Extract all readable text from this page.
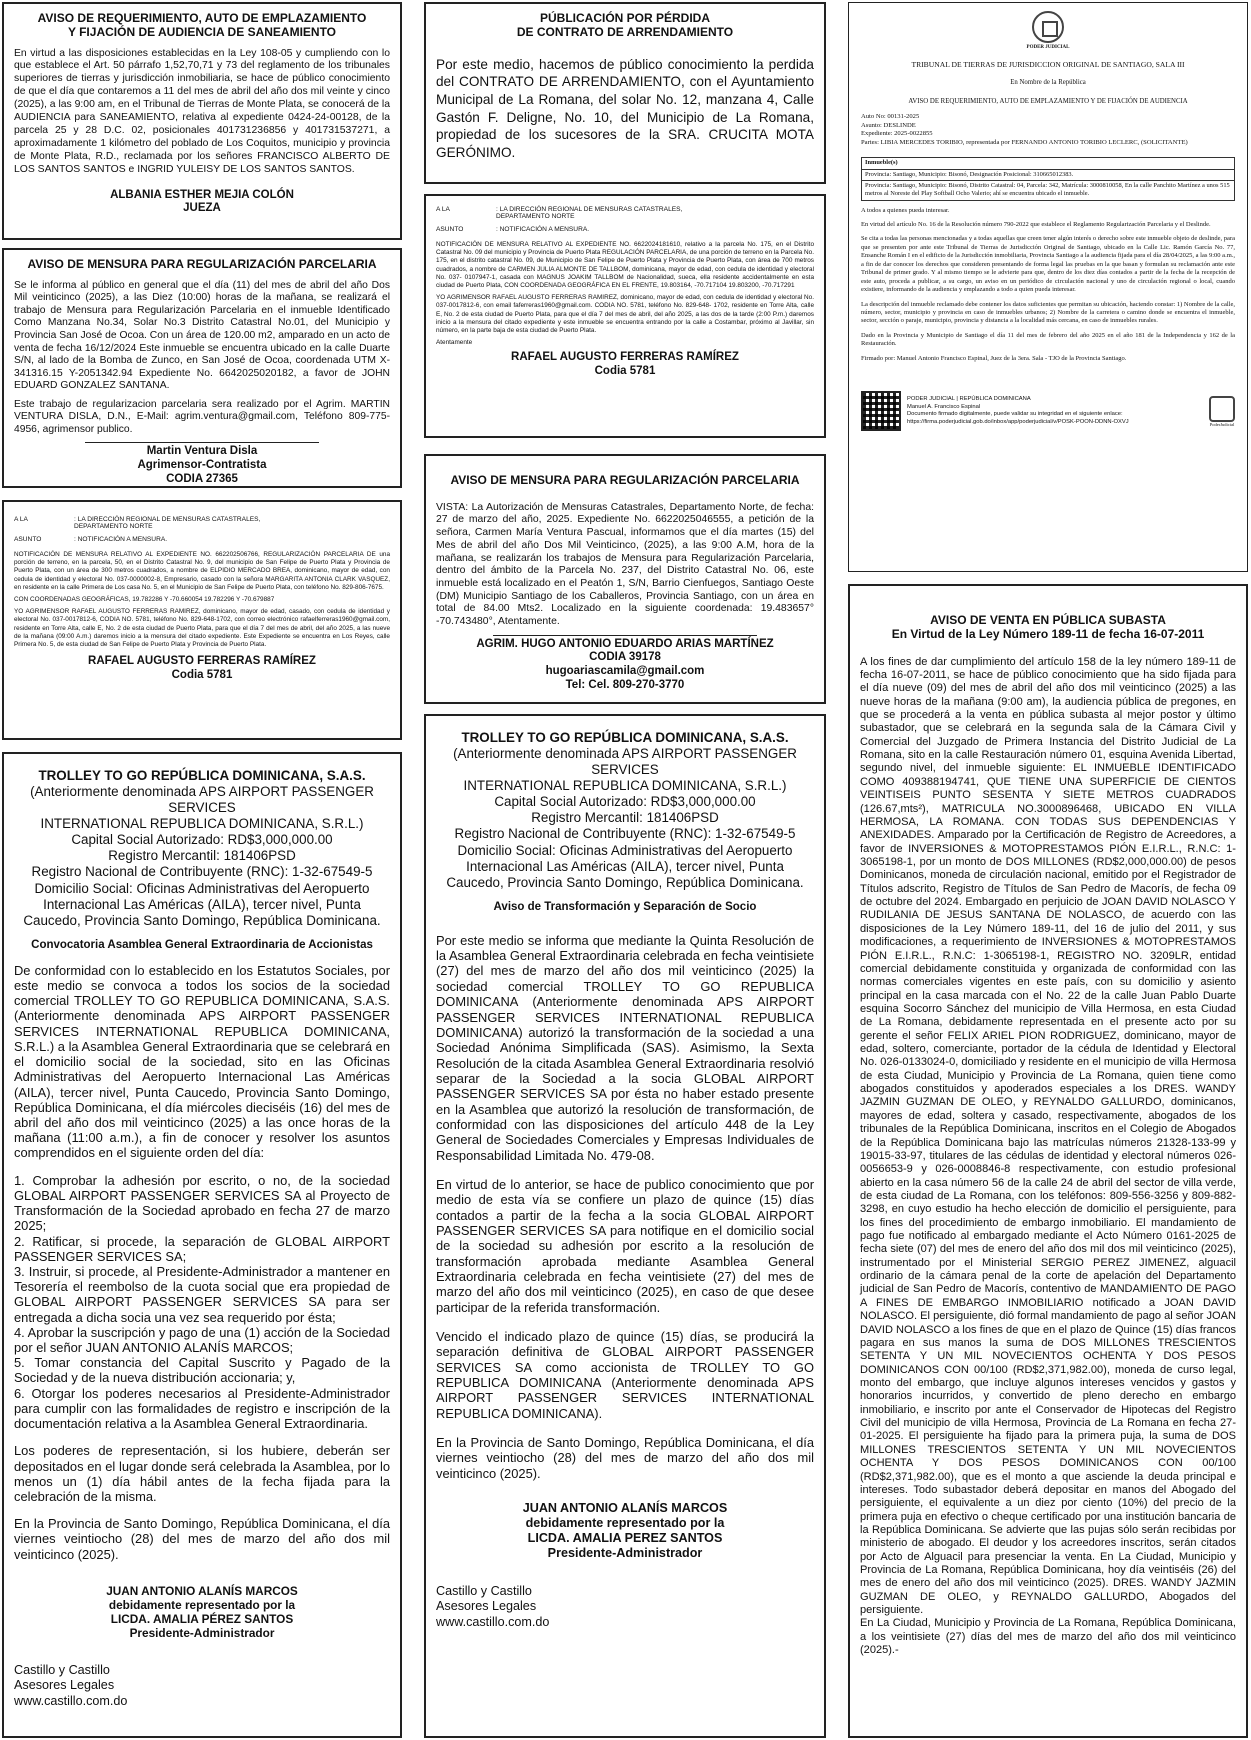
AVISO DE REQUERIMIENTO, AUTO DE EMPLAZAMIENTO Y FIJACIÓN DE AUDIENCIA DE SANEAMIENTO
En virtud a las disposiciones establecidas en la Ley 108-05 y cumpliendo con lo que establece el Art. 50 párrafo 1,52,70,71 y 73 del reglamento de los tribunales superiores de tierras y jurisdicción inmobiliaria, se hace de público conocimiento de que el día que contaremos a 11 del mes de abril del año dos mil veinte y cinco (2025), a las 9:00 am, en el Tribunal de Tierras de Monte Plata, se conocerá de la AUDIENCIA para SANEAMIENTO, relativa al expediente 0424-24-00128, de la parcela 25 y 28 D.C. 02, posicionales 401731236856 y 401731537271, a aproximadamente 1 kilómetro del poblado de Los Coquitos, municipio y provincia de Monte Plata, R.D., reclamada por los señores FRANCISCO ALBERTO DE LOS SANTOS SANTOS e INGRID YULEISY DE LOS SANTOS SANTOS.
ALBANIA ESTHER MEJIA COLÓN
JUEZA
AVISO DE MENSURA PARA REGULARIZACIÓN PARCELARIA

Se le informa al público en general que el día (11) del mes de abril del año Dos Mil veinticinco (2025), a las Diez (10:00) horas de la mañana, se realizará el trabajo de Mensura para Regularización Parcelaria en el inmueble Identificado Como Manzana No.34, Solar No.3 Distrito Catastral No.01, del Municipio y Provincia San José de Ocoa. Con un área de 120.00 m2, amparado en un acto de venta de fecha 16/12/2024 Este inmueble se encuentra ubicado en la calle Duarte S/N, al lado de la Bomba de Zunco, en San José de Ocoa, coordenada UTM X-341316.15 Y-2051342.94 Expediente No. 6642025020182, a favor de JOHN EDUARD GONZALEZ SANTANA.

Este trabajo de regularizacion parcelaria sera realizado por el Agrim. MARTIN VENTURA DISLA, D.N., E-Mail: agrim.ventura@gmail.com, Teléfono 809-775-4956, agrimensor publico.

Martin Ventura Disla
Agrimensor-Contratista
CODIA 27365
A LA	: LA DIRECCIÓN REGIONAL DE MENSURAS CATASTRALES, DEPARTAMENTO NORTE
ASUNTO	: NOTIFICACIÓN A MENSURA.

NOTIFICACIÓN DE MENSURA RELATIVO AL EXPEDIENTE NO. 662202506766, REGULARIZACIÓN PARCELARIA DE una porción de terreno, en la parcela, 50, en el Distrito Catastral No. 9, del municipio de San Felipe de Puerto Plata y Provincia de Puerto Plata, con un área de 300 metros cuadrados, a nombre de ELPIDIO MERCADO BREA, dominicano, mayor de edad, con cedula de identidad y electoral No. 037-0000002-8, Empresario, casado con la señora MARGARITA ANTONIA CLARK VASQUEZ, en residente en la calle Primera de Los casa No. 5, en el Municipio de San Felipe de Puerto Plata, con teléfono No. 829-806-7675.

CON COORDENADAS GEOGRÁFICAS, 19.782286 Y -70.660054 19.782296 Y -70.679887

YO AGRIMENSOR RAFAEL AUGUSTO FERRERAS RAMIREZ, dominicano, mayor de edad, casado, con cedula de identidad y electoral No. 037-0017812-6, CODIA NO. 5781, teléfono No. 829-648-1702, con correo electrónico rafaelferreras1960@gmail.com, residente en Torre Alta, calle E, No. 2 de esta ciudad de Puerto Plata, para que el día 7 del mes de abril, del año 2025, a las nueve de la mañana (09:00 A.m.) daremos inicio a la mensura del citado expediente. Este Expediente se encuentra en Los Reyes, calle Primera No. 5, de esta ciudad de San Felipe de Puerto Plata y Provincia de Puerto Plata.

RAFAEL AUGUSTO FERRERAS RAMÍREZ
Codia 5781
TROLLEY TO GO REPÚBLICA DOMINICANA, S.A.S.
(Anteriormente denominada APS AIRPORT PASSENGER SERVICES
INTERNATIONAL REPUBLICA DOMINICANA, S.R.L.)
Capital Social Autorizado: RD$3,000,000.00
Registro Mercantil: 181406PSD
Registro Nacional de Contribuyente (RNC): 1-32-67549-5
Domicilio Social: Oficinas Administrativas del Aeropuerto Internacional Las Américas (AILA), tercer nivel, Punta Caucedo, Provincia Santo Domingo, República Dominicana.
Convocatoria Asamblea General Extraordinaria de Accionistas

De conformidad con lo establecido en los Estatutos Sociales, por este medio se convoca a todos los socios de la sociedad comercial TROLLEY TO GO REPUBLICA DOMINICANA, S.A.S. (Anteriormente denominada APS AIRPORT PASSENGER SERVICES INTERNATIONAL REPUBLICA DOMINICANA, S.R.L.) a la Asamblea General Extraordinaria que se celebrará en el domicilio social de la sociedad, sito en las Oficinas Administrativas del Aeropuerto Internacional Las Américas (AILA), tercer nivel, Punta Caucedo, Provincia Santo Domingo, República Dominicana, el día miércoles dieciséis (16) del mes de abril del año dos mil veinticinco (2025) a las once horas de la mañana (11:00 a.m.), a fin de conocer y resolver los asuntos comprendidos en el siguiente orden del día:

1. Comprobar la adhesión por escrito, o no, de la sociedad GLOBAL AIRPORT PASSENGER SERVICES SA al Proyecto de Transformación de la Sociedad aprobado en fecha 27 de marzo 2025;
2. Ratificar, si procede, la separación de GLOBAL AIRPORT PASSENGER SERVICES SA;
3. Instruir, si procede, al Presidente-Administrador a mantener en Tesorería el reembolso de la cuota social que era propiedad de GLOBAL AIRPORT PASSENGER SERVICES SA para ser entregada a dicha socia una vez sea requerido por ésta;
4. Aprobar la suscripción y pago de una (1) acción de la Sociedad por el señor JUAN ANTONIO ALANÍS MARCOS;
5. Tomar constancia del Capital Suscrito y Pagado de la Sociedad y de la nueva distribución accionaria; y,
6. Otorgar los poderes necesarios al Presidente-Administrador para cumplir con las formalidades de registro e inscripción de la documentación relativa a la Asamblea General Extraordinaria.

Los poderes de representación, si los hubiere, deberán ser depositados en el lugar donde será celebrada la Asamblea, por lo menos un (1) día hábil antes de la fecha fijada para la celebración de la misma.

En la Provincia de Santo Domingo, República Dominicana, el día viernes veintiocho (28) del mes de marzo del año dos mil veinticinco (2025).

JUAN ANTONIO ALANÍS MARCOS
debidamente representado por la
LICDA. AMALIA PÉREZ SANTOS
Presidente-Administrador
Castillo y Castillo
Asesores Legales
www.castillo.com.do
PÚBLICACIÓN POR PÉRDIDA
DE CONTRATO DE ARRENDAMIENTO
Por este medio, hacemos de público conocimiento la perdida del CONTRATO DE ARRENDAMIENTO, con el Ayuntamiento Municipal de La Romana, del solar No. 12, manzana 4, Calle Gastón F. Deligne, No. 10, del Municipio de La Romana, propiedad de los sucesores de la SRA. CRUCITA MOTA GERÓNIMO.
A LA	: LA DIRECCIÓN REGIONAL DE MENSURAS CATASTRALES, DEPARTAMENTO NORTE
ASUNTO	: NOTIFICACIÓN A MENSURA.

NOTIFICACIÓN DE MENSURA RELATIVO AL EXPEDIENTE NO. 6622024181610, relativo a la parcela No. 175, en el Distrito Catastral No. 09 del municipio y Provincia de Puerto Plata REGULACIÓN PARCELARIA, de una porción de terreno en la Parcela No. 175, en el distrito catastral No. 09, de Municipio de San Felipe de Puerto Plata y Provincia de Puerto Plata, con área de 700 metros cuadrados, a nombre de CARMEN JULIA ALMONTE DE TALLBOM, dominicana, mayor de edad, con cedula de identidad y electoral No. 037- 0107947-1, casada con MAGNUS JOAKIM TALLBOM de Nacionalidad, sueca, ella residente accidentalmente en esta ciudad de Puerto Plata, CON COORDENADA GEOGRÁFICA EN EL FRENTE, 19.803164, -70.717104 19.803200, -70.717291

YO AGRIMENSOR RAFAEL AUGUSTO FERRERAS RAMIREZ, dominicano, mayor de edad, con cedula de identidad y electoral No. 037-0017812-6, con email faferreras1960@gmail.com. CODIA NO. 5781, teléfono No. 829-648- 1702, residente en Torre Alta, calle E, No. 2 de esta ciudad de Puerto Plata, para que el día 7 del mes de abril, del año 2025, a las dos de la tarde (2:00 P.m.) daremos inicio a la mensura del citado expediente y este inmueble se encuentra entrando por la calle a Costambar, próximo al Javillar, sin número, en la parte baja de esta ciudad de Puerto Plata.

Atentamente

RAFAEL AUGUSTO FERRERAS RAMÍREZ
Codia 5781
AVISO DE MENSURA PARA REGULARIZACIÓN PARCELARIA
VISTA: La Autorización de Mensuras Catastrales, Departamento Norte, de fecha: 27 de marzo del año, 2025. Expediente No. 6622025046555, a petición de la señora, Carmen María Ventura Pascual, informamos que el día martes (15) del Mes de abril del año Dos Mil Veinticinco, (2025), a las 9:00 A.M, hora de la mañana, se realizarán los trabajos de Mensura para Regularización Parcelaria, dentro del ámbito de la Parcela No. 237, del Distrito Catastral No. 06, este inmueble está localizado en el Peatón 1, S/N, Barrio Cienfuegos, Santiago Oeste (DM) Municipio Santiago de los Caballeros, Provincia Santiago, con un área en total de 84.00 Mts2. Localizado en la siguiente coordenada: 19.483657° -70.743480°, Atentamente.
AGRIM. HUGO ANTONIO EDUARDO ARIAS MARTÍNEZ
CODIA 39178
hugoariascamila@gmail.com
Tel: Cel. 809-270-3770
TROLLEY TO GO REPÚBLICA DOMINICANA, S.A.S.
(Anteriormente denominada APS AIRPORT PASSENGER SERVICES
INTERNATIONAL REPUBLICA DOMINICANA, S.R.L.)
Capital Social Autorizado: RD$3,000,000.00
Registro Mercantil: 181406PSD
Registro Nacional de Contribuyente (RNC): 1-32-67549-5
Domicilio Social: Oficinas Administrativas del Aeropuerto Internacional Las Américas (AILA), tercer nivel, Punta Caucedo, Provincia Santo Domingo, República Dominicana.
Aviso de Transformación y Separación de Socio

Por este medio se informa que mediante la Quinta Resolución de la Asamblea General Extraordinaria celebrada en fecha veintisiete (27) del mes de marzo del año dos mil veinticinco (2025) la sociedad comercial TROLLEY TO GO REPUBLICA DOMINICANA (Anteriormente denominada APS AIRPORT PASSENGER SERVICES INTERNATIONAL REPUBLICA DOMINICANA) autorizó la transformación de la sociedad a una Sociedad Anónima Simplificada (SAS). Asimismo, la Sexta Resolución de la citada Asamblea General Extraordinaria resolvió separar de la Sociedad a la socia GLOBAL AIRPORT PASSENGER SERVICES SA por ésta no haber estado presente en la Asamblea que autorizó la resolución de transformación, de conformidad con las disposiciones del artículo 448 de la Ley General de Sociedades Comerciales y Empresas Individuales de Responsabilidad Limitada No. 479-08.

En virtud de lo anterior, se hace de publico conocimiento que por medio de esta vía se confiere un plazo de quince (15) días contados a partir de la fecha a la socia GLOBAL AIRPORT PASSENGER SERVICES SA para notifique en el domicilio social de la sociedad su adhesión por escrito a la resolución de transformación aprobada mediante Asamblea General Extraordinaria celebrada en fecha veintisiete (27) del mes de marzo del año dos mil veinticinco (2025), en caso de que desee participar de la referida transformación.

Vencido el indicado plazo de quince (15) días, se producirá la separación definitiva de GLOBAL AIRPORT PASSENGER SERVICES SA como accionista de TROLLEY TO GO REPUBLICA DOMINICANA (Anteriormente denominada APS AIRPORT PASSENGER SERVICES INTERNATIONAL REPUBLICA DOMINICANA).

En la Provincia de Santo Domingo, República Dominicana, el día viernes veintiocho (28) del mes de marzo del año dos mil veinticinco (2025).

JUAN ANTONIO ALANÍS MARCOS
debidamente representado por la
LICDA. AMALIA PEREZ SANTOS
Presidente-Administrador
Castillo y Castillo
Asesores Legales
www.castillo.com.do
PODER JUDICIAL
TRIBUNAL DE TIERRAS DE JURISDICCION ORIGINAL DE SANTIAGO, SALA III
En Nombre de la República
AVISO DE REQUERIMIENTO, AUTO DE EMPLAZAMIENTO Y DE FIJACIÓN DE AUDIENCIA
Auto No: 00131-2025
Asunto: DESLINDE
Expediente: 2025-0022855
Partes: LIBIA MERCEDES TORIBIO, representada por FERNANDO ANTONIO TORIBIO LECLERC, (SOLICITANTE)
Inmueble(s)
Provincia: Santiago, Municipio: Bisonó, Designación Posicional: 310665012383.
Provincia: Santiago, Municipio: Bisonó, Distrito Catastral: 04, Parcela: 342, Matrícula: 3000810058, En la calle Panchito Martínez a unos 515 metros al Noreste del Play Softball Ocho Valerio; ahí se encuentra ubicado el inmueble.

A todos a quienes pueda interesar.

En virtud del artículo No. 16 de la Resolución número 790-2022 que establece el Reglamento Regularización Parcelaria y el Deslinde.

Se cita a todas las personas mencionadas y a todas aquellas que creen tener algún interés o derecho sobre este inmueble objeto de deslinde, para que se presenten por ante este Tribunal de Tierras de Jurisdicción Original de Santiago, ubicado en la Calle Lic. Ramón García No. 77, Ensanche Román I en el edificio de la Jurisdicción inmobiliaria, Provincia Santiago a la audiencia fijada para el día 28/04/2025, a las 9:00 a.m., a fin de dar conocer los derechos que consideren presentando de forma legal las pruebas en la que basan y formulan su reclamación ante este Tribunal de primer grado. Y al mismo tiempo se le advierte para que, dentro de los diez días contados a partir de la fecha de la recepción de este auto, proceda a publicar, a su cargo, un aviso en un periódico de circulación nacional y uno de circulación regional o local, cuando existiere, informando de la audiencia y emplazando a todo a quien pueda interesar.

La descripción del inmueble reclamado debe contener los datos suficientes que permitan su ubicación, haciendo constar: 1) Nombre de la calle, número, sector, municipio y provincia en caso de inmuebles urbanos; 2) Nombre de la carretera o camino donde se encuentra el inmueble, sector, sección o paraje, municipio, provincia y distancia a la localidad más cercana, en caso de inmuebles rurales.

Dado en la Provincia y Municipio de Santiago el día 11 del mes de febrero del año 2025 en el año 181 de la Independencia y 162 de la Restauración.

Firmado por: Manuel Antonio Francisco Espinal, Juez de la 3era. Sala - TJO de la Provincia Santiago.

PODER JUDICIAL | REPÚBLICA DOMINICANA
Manuel A. Francisco Espinal
Documento firmado digitalmente, puede validar su integridad en el siguiente enlace:
https://firma.poderjudicial.gob.do/inbox/app/poderjudicial/v/POSK-POON-DDNN-OXVJ	PoderJudicial
AVISO DE VENTA EN PÚBLICA SUBASTA
En Virtud de la Ley Número 189-11 de fecha 16-07-2011

A los fines de dar cumplimiento del artículo 158 de la ley número 189-11 de fecha 16-07-2011, se hace de público conocimiento que ha sido fijada para el día nueve (09) del mes de abril del año dos mil veinticinco (2025) a las nueve horas de la mañana (9:00 am), la audiencia pública de pregones, en que se procederá a la venta en pública subasta al mejor postor y último subastador, que se celebrará en la segunda sala de la Cámara Civil y Comercial del Juzgado de Primera Instancia del Distrito Judicial de La Romana, sito en la calle Restauración número 01, esquina Avenida Libertad, segundo nivel, del inmueble siguiente: EL INMUEBLE IDENTIFICADO COMO 409388194741, QUE TIENE UNA SUPERFICIE DE CIENTOS VEINTISEIS PUNTO SESENTA Y SIETE METROS CUADRADOS (126.67,mts²), MATRICULA NO.3000896468, UBICADO EN VILLA HERMOSA, LA ROMANA. CON TODAS SUS DEPENDENCIAS Y ANEXIDADES. Amparado por la Certificación de Registro de Acreedores, a favor de INVERSIONES & MOTOPRESTAMOS PIÓN E.I.R.L., R.N.C: 1-3065198-1, por un monto de DOS MILLONES (RD$2,000,000.00) de pesos Dominicanos, moneda de circulación nacional, emitido por el Registrador de Títulos adscrito, Registro de Títulos de San Pedro de Macorís, de fecha 09 de octubre del 2024. Embargado en perjuicio de JOAN DAVID NOLASCO Y RUDILANIA DE JESUS SANTANA DE NOLASCO, de acuerdo con las disposiciones de la Ley Número 189-11, del 16 de julio del 2011, y sus modificaciones, a requerimiento de INVERSIONES & MOTOPRESTAMOS PIÓN E.I.R.L., R.N.C: 1-3065198-1, REGISTRO NO. 3209LR, entidad comercial debidamente constituida y organizada de conformidad con las normas comerciales vigentes en este país, con su domicilio y asiento principal en la casa marcada con el No. 22 de la calle Juan Pablo Duarte esquina Socorro Sánchez del municipio de Villa Hermosa, en esta Ciudad de La Romana, debidamente representada en el presente acto por su gerente el señor FELIX ARIEL PION RODRIGUEZ, dominicano, mayor de edad, soltero, comerciante, portador de la cédula de Identidad y Electoral No. 026-0133024-0, domiciliado y residente en el municipio de villa Hermosa de esta Ciudad, Municipio y Provincia de La Romana, quien tiene como abogados constituidos y apoderados especiales a los DRES. WANDY JAZMIN GUZMAN DE OLEO, y REYNALDO GALLURDO, dominicanos, mayores de edad, soltera y casado, respectivamente, abogados de los tribunales de la República Dominicana, inscritos en el Colegio de Abogados de la República Dominicana bajo las matrículas números 21328-133-99 y 19015-33-97, titulares de las cédulas de identidad y electoral números 026-0056653-9 y 026-0008846-8 respectivamente, con estudio profesional abierto en la casa número 56 de la calle 24 de abril del sector de villa verde, de esta ciudad de La Romana, con los teléfonos: 809-556-3256 y 809-882-3298, en cuyo estudio ha hecho elección de domicilio el persiguiente, para los fines del procedimiento de embargo inmobiliario. El mandamiento de pago fue notificado al embargado mediante el Acto Número 0161-2025 de fecha siete (07) del mes de enero del año dos mil dos mil veinticinco (2025), instrumentado por el Ministerial SERGIO PEREZ JIMENEZ, alguacil ordinario de la cámara penal de la corte de apelación del Departamento judicial de San Pedro de Macorís, contentivo de MANDAMIENTO DE PAGO A FINES DE EMBARGO INMOBILIARIO notificado a JOAN DAVID NOLASCO. El persiguiente, dió formal mandamiento de pago al señor JOAN DAVID NOLASCO a los fines de que en el plazo de Quince (15) días francos pagara en sus manos la suma de DOS MILLONES TRESCIENTOS SETENTA Y UN MIL NOVECIENTOS OCHENTA Y DOS PESOS DOMINICANOS CON 00/100 (RD$2,371,982.00), moneda de curso legal, monto del embargo, que incluye algunos intereses vencidos y gastos y honorarios incurridos, y convertido de pleno derecho en embargo inmobiliario, e inscrito por ante el Conservador de Hipotecas del Registro Civil del municipio de villa Hermosa, Provincia de La Romana en fecha 27-01-2025. El persiguiente ha fijado para la primera puja, la suma de DOS MILLONES TRESCIENTOS SETENTA Y UN MIL NOVECIENTOS OCHENTA Y DOS PESOS DOMINICANOS CON 00/100 (RD$2,371,982.00), que es el monto a que asciende la deuda principal e intereses. Todo subastador deberá depositar en manos del Abogado del persiguiente, el equivalente a un diez por ciento (10%) del precio de la primera puja en efectivo o cheque certificado por una institución bancaria de la República Dominicana. Se advierte que las pujas sólo serán recibidas por ministerio de abogado. El deudor y los acreedores inscritos, serán citados por Acto de Alguacil para presenciar la venta. En La Ciudad, Municipio y Provincia de La Romana, República Dominicana, hoy día veintiséis (26) del mes de enero del año dos mil veinticinco (2025). DRES. WANDY JAZMIN GUZMAN DE OLEO, y REYNALDO GALLURDO, Abogados del persiguiente.

En La Ciudad, Municipio y Provincia de La Romana, República Dominicana, a los veintisiete (27) días del mes de marzo del año dos mil veinticinco (2025).-
